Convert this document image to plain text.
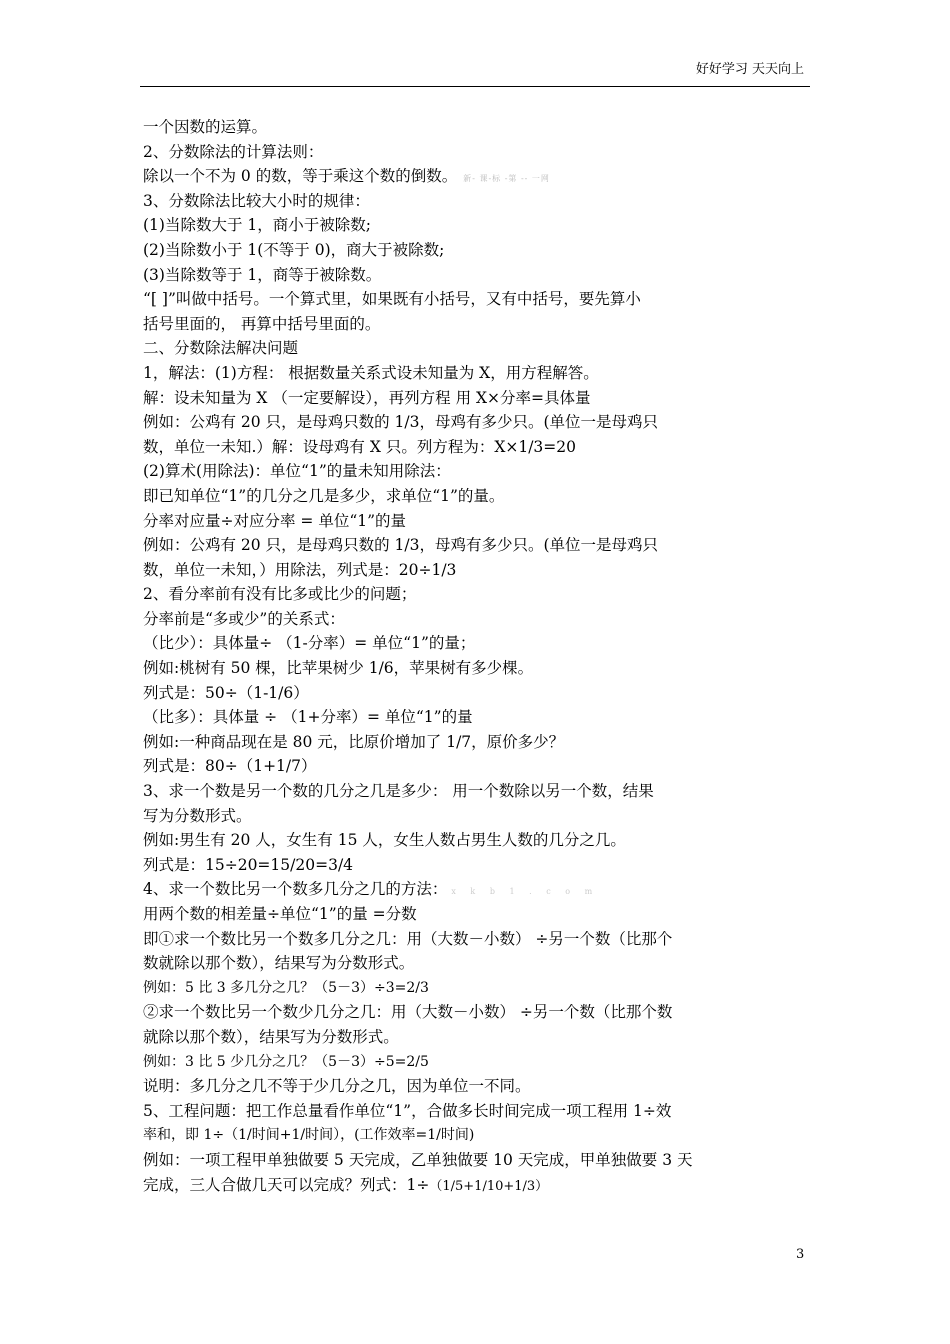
好好学习 天天向上
一个因数的运算。
2、分数除法的计算法则：
除以一个不为 0 的数，等于乘这个数的倒数。 新- 课-标 -第 -- 一网
3、分数除法比较大小时的规律：
(1)当除数大于 1，商小于被除数;
(2)当除数小于 1(不等于 0)，商大于被除数;
(3)当除数等于 1，商等于被除数。
“[ ]”叫做中括号。一个算式里，如果既有小括号，又有中括号，要先算小
括号里面的， 再算中括号里面的。
二、分数除法解决问题
1，解法：(1)方程： 根据数量关系式设未知量为 X，用方程解答。
解：设未知量为 X （一定要解设），再列方程 用 X×分率=具体量
例如：公鸡有 20 只，是母鸡只数的 1/3，母鸡有多少只。(单位一是母鸡只
数，单位一未知.）解：设母鸡有 X 只。列方程为：X×1/3=20
(2)算术(用除法)：单位“1”的量未知用除法：
即已知单位“1”的几分之几是多少，求单位“1”的量。
分率对应量÷对应分率 = 单位“1”的量
例如：公鸡有 20 只，是母鸡只数的 1/3，母鸡有多少只。(单位一是母鸡只
数，单位一未知，）用除法，列式是：20÷1/3
2、看分率前有没有比多或比少的问题；
分率前是“多或少”的关系式：
（比少）：具体量÷ （1-分率）= 单位“1”的量；
例如:桃树有 50 棵，比苹果树少 1/6，苹果树有多少棵。
列式是：50÷（1-1/6）
（比多）：具体量 ÷ （1+分率）= 单位“1”的量
例如:一种商品现在是 80 元，比原价增加了 1/7，原价多少？
列式是：80÷（1+1/7）
3、求一个数是另一个数的几分之几是多少： 用一个数除以另一个数，结果
写为分数形式。
例如:男生有 20 人，女生有 15 人，女生人数占男生人数的几分之几。
列式是：15÷20=15/20=3/4
4、求一个数比另一个数多几分之几的方法： x k b 1 . c o m
用两个数的相差量÷单位“1”的量 =分数
即①求一个数比另一个数多几分之几：用（大数－小数） ÷另一个数（比那个
数就除以那个数），结果写为分数形式。
例如：5 比 3 多几分之几？（5－3）÷3=2/3
②求一个数比另一个数少几分之几：用（大数－小数） ÷另一个数（比那个数
就除以那个数），结果写为分数形式。
例如：3 比 5 少几分之几？（5－3）÷5=2/5
说明：多几分之几不等于少几分之几，因为单位一不同。
5、工程问题：把工作总量看作单位“1”，合做多长时间完成一项工程用 1÷效
率和，即 1÷（1/时间+1/时间），(工作效率=1/时间)
例如：一项工程甲单独做要 5 天完成，乙单独做要 10 天完成，甲单独做要 3 天
完成，三人合做几天可以完成？列式：1÷（1/5+1/10+1/3）
3
